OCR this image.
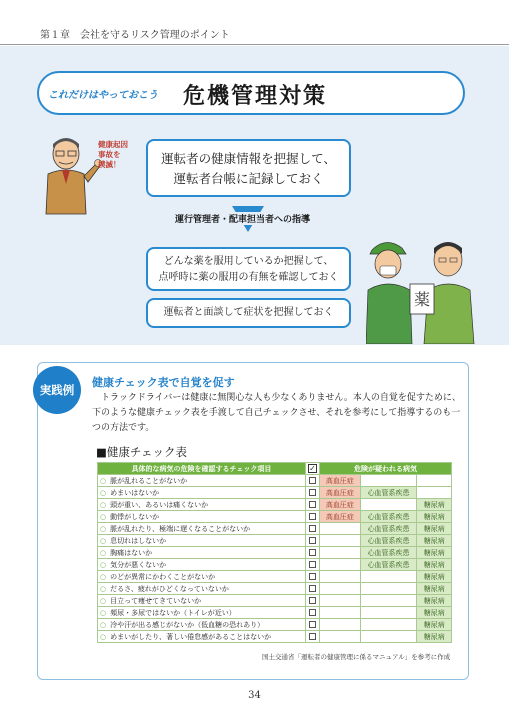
第１章　会社を守るリスク管理のポイント
これだけはやっておこう 危機管理対策
健康起因
事故を
撲滅！	運転者の健康情報を把握して、
運転者台帳に記録しておく
運行管理者・配車担当者への指導
どんな薬を服用しているか把握して、
点呼時に薬の服用の有無を確認しておく
運転者と面談して症状を把握しておく
薬
実践例
健康チェック表で自覚を促す
トラックドライバーは健康に無関心な人も少なくありません。本人の自覚を促すために、下のような健康チェック表を手渡して自己チェックさせ、それを参考にして指導するのも一つの方法です。
■健康チェック表
具体的な病気の危険を確認するチェック項目	✓	危険が疑われる病気		
○ 脈が乱れることがないか		高血圧症		
○ めまいはないか		高血圧症	心血管系疾患	
○ 頭が重い、あるいは痛くないか		高血圧症		糖尿病
○ 動悸がしないか		高血圧症	心血管系疾患	糖尿病
○ 脈が乱れたり、極端に遅くなることがないか			心血管系疾患	糖尿病
○ 息切れはしないか			心血管系疾患	糖尿病
○ 胸痛はないか			心血管系疾患	糖尿病
○ 気分が悪くないか			心血管系疾患	糖尿病
○ のどが異常にかわくことがないか				糖尿病
○ だるさ、疲れがひどくなっていないか				糖尿病
○ 目立って痩せてきていないか				糖尿病
○ 頻尿・多尿ではないか（トイレが近い）				糖尿病
○ 冷や汗が出る感じがないか（低血糖の恐れあり）				糖尿病
○ めまいがしたり、著しい倦怠感があることはないか				糖尿病
国土交通省「運転者の健康管理に係るマニュアル」を参考に作成
34
